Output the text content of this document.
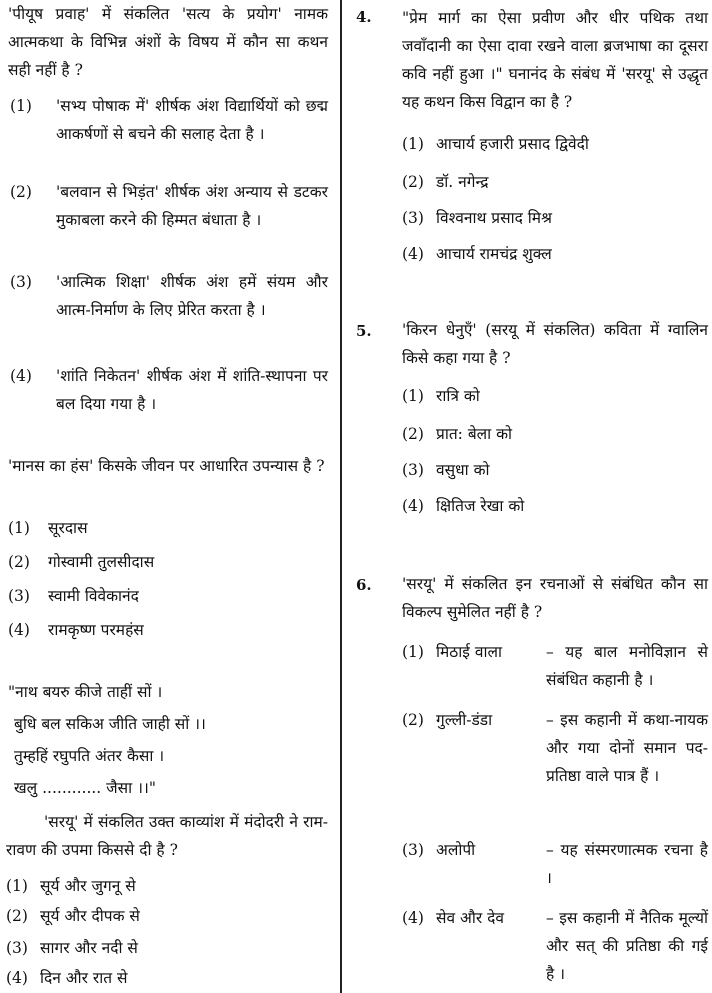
'पीयूष प्रवाह' में संकलित 'सत्य के प्रयोग' नामक आत्मकथा के विभिन्न अंशों के विषय में कौन सा कथन सही नहीं है ?
(1) 'सभ्य पोषाक में' शीर्षक अंश विद्यार्थियों को छद्म आकर्षणों से बचने की सलाह देता है ।
(2) 'बलवान से भिड़ंत' शीर्षक अंश अन्याय से डटकर मुकाबला करने की हिम्मत बंधाता है ।
(3) 'आत्मिक शिक्षा' शीर्षक अंश हमें संयम और आत्म-निर्माण के लिए प्रेरित करता है ।
(4) 'शांति निकेतन' शीर्षक अंश में शांति-स्थापना पर बल दिया गया है ।
'मानस का हंस' किसके जीवन पर आधारित उपन्यास है ?
(1) सूरदास
(2) गोस्वामी तुलसीदास
(3) स्वामी विवेकानंद
(4) रामकृष्ण परमहंस
"नाथ बयरु कीजे ताहीं सों ।
बुधि बल सकिअ जीति जाही सों ।।
तुम्हहिं रघुपति अंतर कैसा ।
खलु ............ जैसा ।।"
'सरयू' में संकलित उक्त काव्यांश में मंदोदरी ने राम-रावण की उपमा किससे दी है ?
(1) सूर्य और जुगनू से
(2) सूर्य और दीपक से
(3) सागर और नदी से
(4) दिन और रात से
4. "प्रेम मार्ग का ऐसा प्रवीण और धीर पथिक तथा जवाँदानी का ऐसा दावा रखने वाला ब्रजभाषा का दूसरा कवि नहीं हुआ ।" घनानंद के संबंध में 'सरयू' से उद्धृत यह कथन किस विद्वान का है ?
(1) आचार्य हजारी प्रसाद द्विवेदी
(2) डॉ. नगेन्द्र
(3) विश्वनाथ प्रसाद मिश्र
(4) आचार्य रामचंद्र शुक्ल
5. 'किरन धेनुएँ' (सरयू में संकलित) कविता में ग्वालिन किसे कहा गया है ?
(1) रात्रि को
(2) प्रात: बेला को
(3) वसुधा को
(4) क्षितिज रेखा को
6. 'सरयू' में संकलित इन रचनाओं से संबंधित कौन सा विकल्प सुमेलित नहीं है ?
(1) मिठाई वाला	– यह बाल मनोविज्ञान से संबंधित कहानी है ।
(2) गुल्ली-डंडा	– इस कहानी में कथा-नायक और गया दोनों समान पद-प्रतिष्ठा वाले पात्र हैं ।
(3) अलोपी	– यह संस्मरणात्मक रचना है ।
(4) सेव और देव	– इस कहानी में नैतिक मूल्यों और सत् की प्रतिष्ठा की गई है ।
